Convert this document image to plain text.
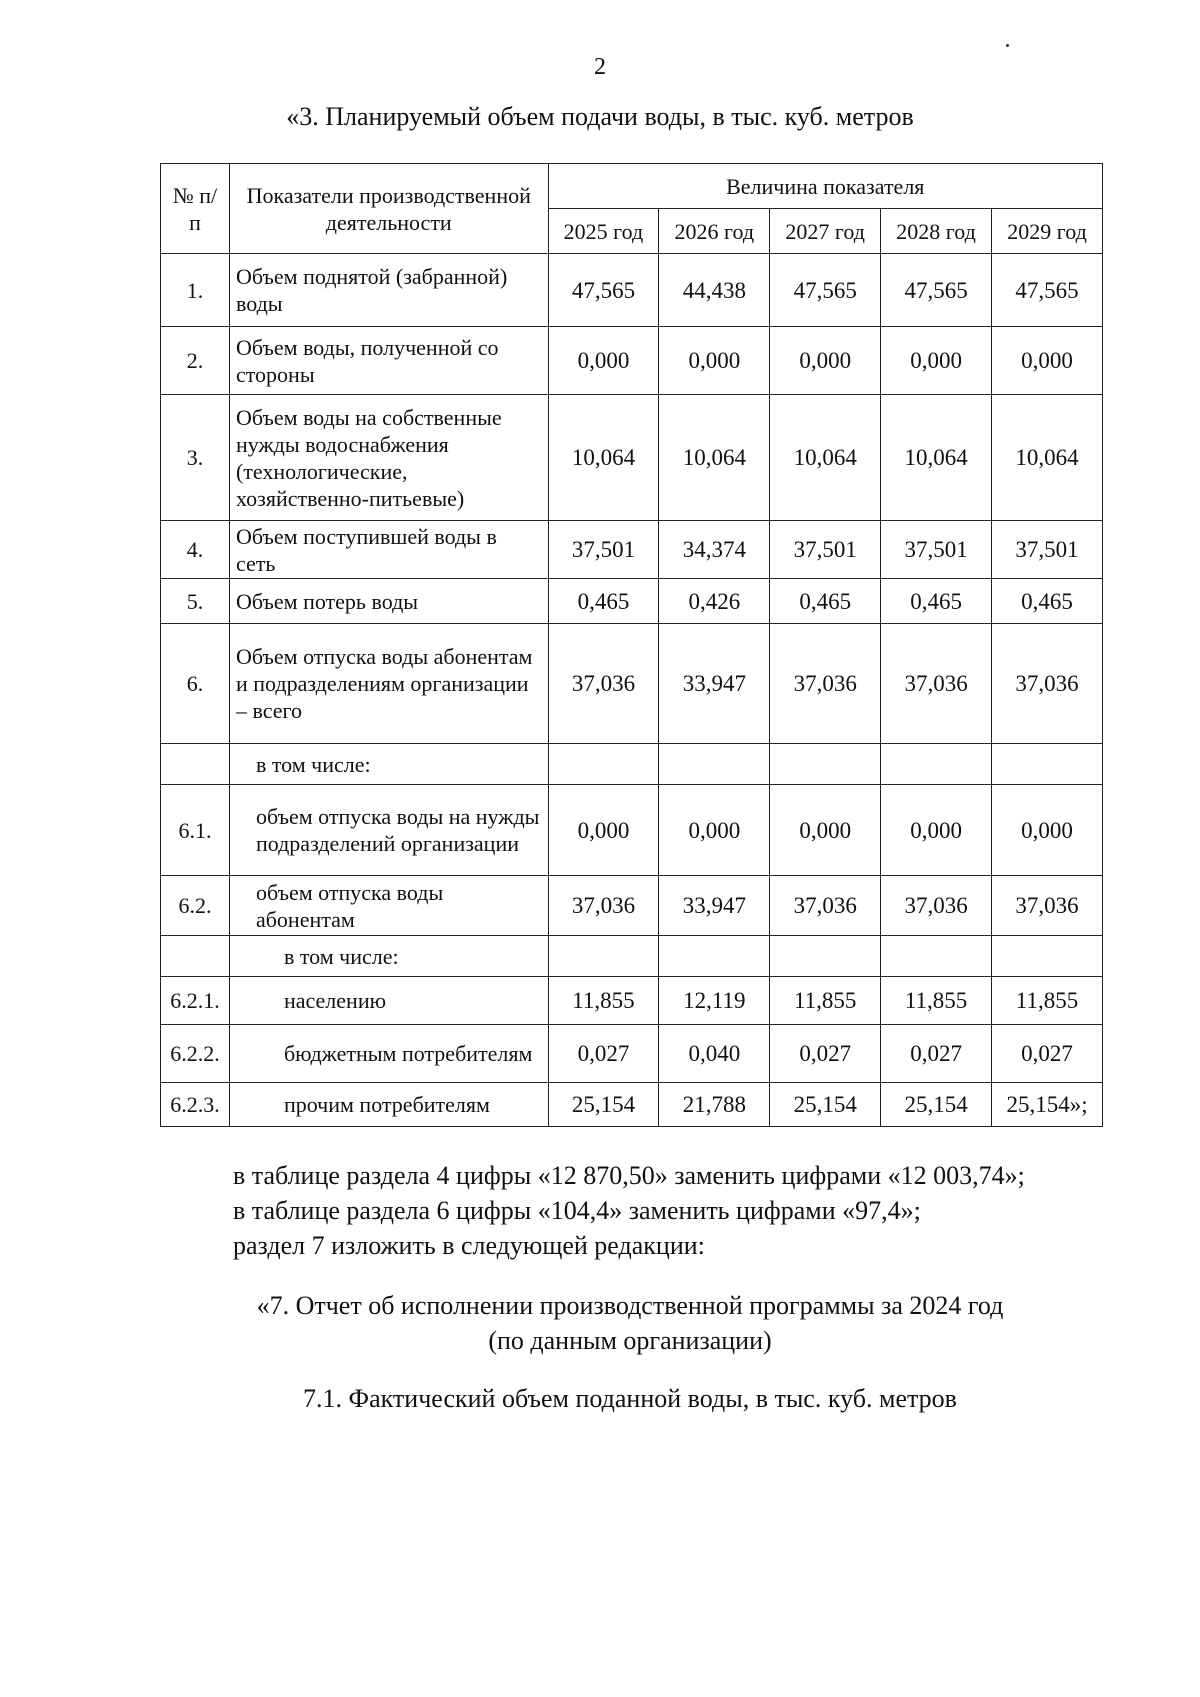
2
«3. Планируемый объем подачи воды, в тыс. куб. метров
№ п/п	Показатели производственной деятельности	Величина показателя				
		2025 год	2026 год	2027 год	2028 год	2029 год
1.	Объем поднятой (забранной) воды	47,565	44,438	47,565	47,565	47,565
2.	Объем воды, полученной со стороны	0,000	0,000	0,000	0,000	0,000
3.	Объем воды на собственные нужды водоснабжения (технологические, хозяйственно-питьевые)	10,064	10,064	10,064	10,064	10,064
4.	Объем поступившей воды в сеть	37,501	34,374	37,501	37,501	37,501
5.	Объем потерь воды	0,465	0,426	0,465	0,465	0,465
6.	Объем отпуска воды абонентам и подразделениям организации – всего	37,036	33,947	37,036	37,036	37,036
	в том числе:					
6.1.	объем отпуска воды на нужды подразделений организации	0,000	0,000	0,000	0,000	0,000
6.2.	объем отпуска воды абонентам	37,036	33,947	37,036	37,036	37,036
	в том числе:					
6.2.1.	населению	11,855	12,119	11,855	11,855	11,855
6.2.2.	бюджетным потребителям	0,027	0,040	0,027	0,027	0,027
6.2.3.	прочим потребителям	25,154	21,788	25,154	25,154	25,154»;
в таблице раздела 4 цифры «12 870,50» заменить цифрами «12 003,74»;
в таблице раздела 6 цифры «104,4» заменить цифрами «97,4»;
раздел 7 изложить в следующей редакции:
«7. Отчет об исполнении производственной программы за 2024 год
(по данным организации)
7.1. Фактический объем поданной воды, в тыс. куб. метров
